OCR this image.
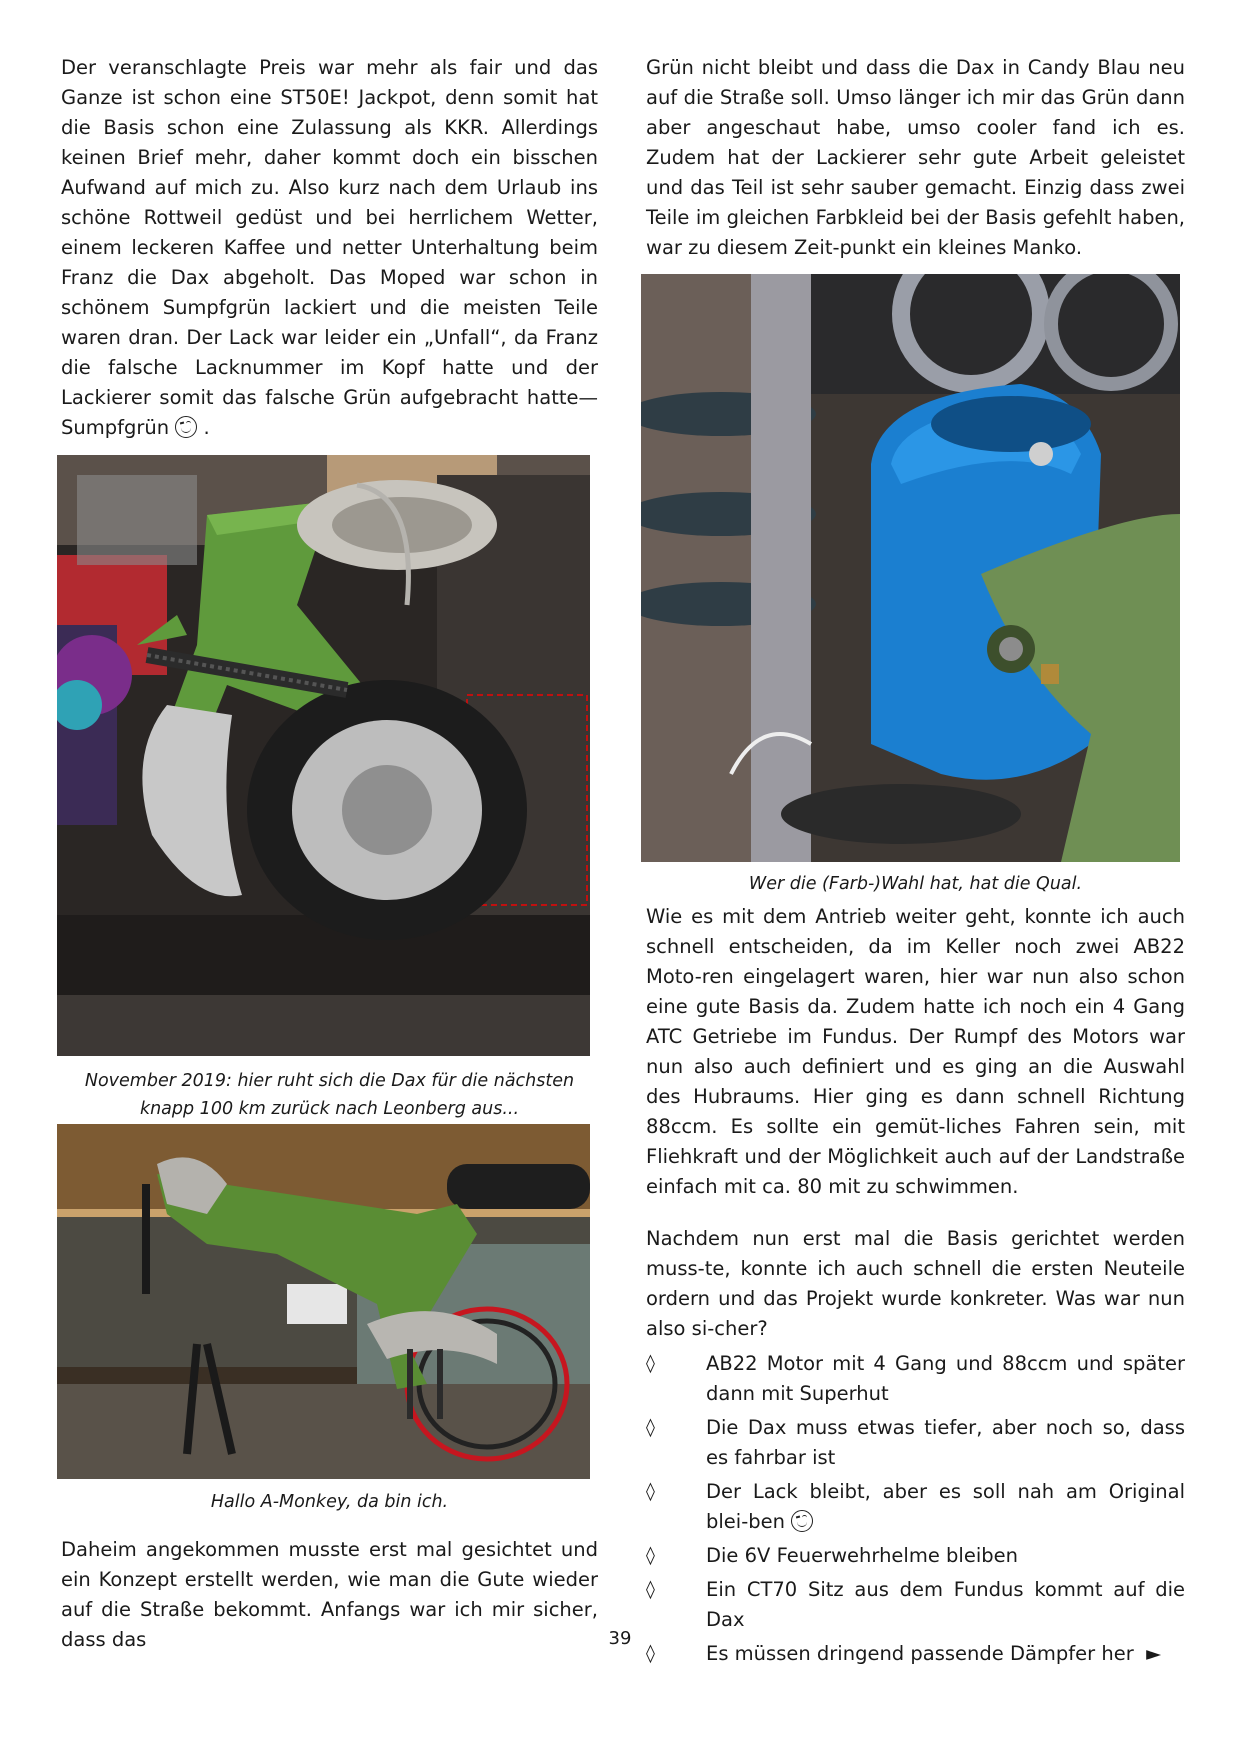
Der veranschlagte Preis war mehr als fair und das Ganze ist schon eine ST50E! Jackpot, denn somit hat die Basis schon eine Zulassung als KKR. Allerdings keinen Brief mehr, daher kommt doch ein bisschen Aufwand auf mich zu. Also kurz nach dem Urlaub ins schöne Rottweil gedüst und bei herrlichem Wetter, einem leckeren Kaffee und netter Unterhaltung beim Franz die Dax abgeholt. Das Moped war schon in schönem Sumpfgrün lackiert und die meisten Teile waren dran. Der Lack war leider ein „Unfall“, da Franz die falsche Lacknummer im Kopf hatte und der Lackierer somit das falsche Grün aufgebracht hatte— Sumpfgrün
.

November 2019: hier ruht sich die Dax für die nächsten knapp 100 km zurück nach Leonberg aus...
Hallo A-Monkey, da bin ich.

Daheim angekommen musste erst mal gesichtet und ein Konzept erstellt werden, wie man die Gute wieder auf die Straße bekommt. Anfangs war ich mir sicher, dass das

Grün nicht bleibt und dass die Dax in Candy Blau neu auf die Straße soll. Umso länger ich mir das Grün dann aber angeschaut habe, umso cooler fand ich es. Zudem hat der Lackierer sehr gute Arbeit geleistet und das Teil ist sehr sauber gemacht. Einzig dass zwei Teile im gleichen Farbkleid bei der Basis gefehlt haben, war zu diesem Zeit-punkt ein kleines Manko.

Wer die (Farb-)Wahl hat, hat die Qual.

Wie es mit dem Antrieb weiter geht, konnte ich auch schnell entscheiden, da im Keller noch zwei AB22 Moto-ren eingelagert waren, hier war nun also schon eine gute Basis da. Zudem hatte ich noch ein 4 Gang ATC Getriebe im Fundus. Der Rumpf des Motors war nun also auch definiert und es ging an die Auswahl des Hubraums. Hier ging es dann schnell Richtung 88ccm. Es sollte ein gemüt-liches Fahren sein, mit Fliehkraft und der Möglichkeit auch auf der Landstraße einfach mit ca. 80 mit zu schwimmen.

Nachdem nun erst mal die Basis gerichtet werden muss-te, konnte ich auch schnell die ersten Neuteile ordern und das Projekt wurde konkreter. Was war nun also si-cher?

◊	AB22 Motor mit 4 Gang und 88ccm und später dann mit Superhut
◊	Die Dax muss etwas tiefer, aber noch so, dass es fahrbar ist
◊	Der Lack bleibt, aber es soll nah am Original blei-ben
◊	Die 6V Feuerwehrhelme bleiben
◊	Ein CT70 Sitz aus dem Fundus kommt auf die Dax
◊	Es müssen dringend passende Dämpfer her ►
39
